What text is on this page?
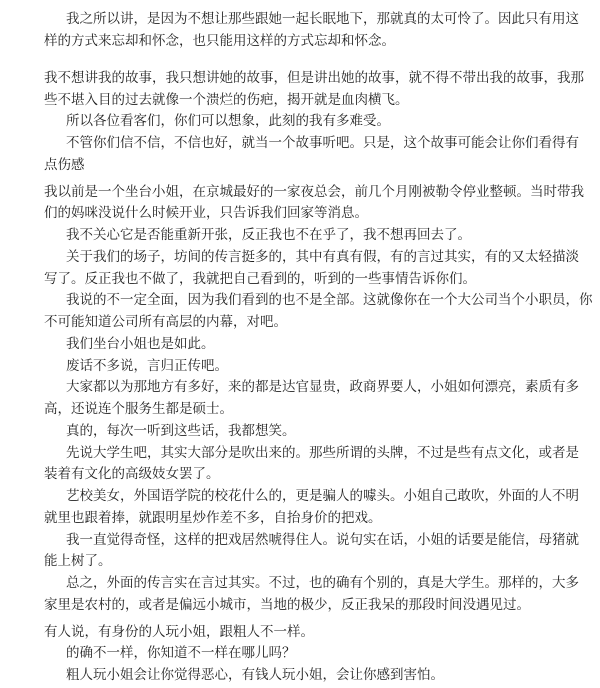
我之所以讲，是因为不想让那些跟她一起长眠地下，那就真的太可怜了。因此只有用这
样的方式来忘却和怀念，也只能用这样的方式忘却和怀念。
我不想讲我的故事，我只想讲她的故事，但是讲出她的故事，就不得不带出我的故事，我那
些不堪入目的过去就像一个溃烂的伤疤，揭开就是血肉横飞。
所以各位看客们，你们可以想象，此刻的我有多难受。
不管你们信不信，不信也好，就当一个故事听吧。只是，这个故事可能会让你们看得有
点伤感
我以前是一个坐台小姐，在京城最好的一家夜总会，前几个月刚被勒令停业整顿。当时带我
们的妈咪没说什么时候开业，只告诉我们回家等消息。
我不关心它是否能重新开张，反正我也不在乎了，我不想再回去了。
关于我们的场子，坊间的传言挺多的，其中有真有假，有的言过其实，有的又太轻描淡
写了。反正我也不做了，我就把自己看到的，听到的一些事情告诉你们。
我说的不一定全面，因为我们看到的也不是全部。这就像你在一个大公司当个小职员，你
不可能知道公司所有高层的内幕，对吧。
我们坐台小姐也是如此。
废话不多说，言归正传吧。
大家都以为那地方有多好，来的都是达官显贵，政商界要人，小姐如何漂亮，素质有多
高，还说连个服务生都是硕士。
真的，每次一听到这些话，我都想笑。
先说大学生吧，其实大部分是吹出来的。那些所谓的头牌，不过是些有点文化，或者是
装着有文化的高级妓女罢了。
艺校美女，外国语学院的校花什么的，更是骗人的噱头。小姐自己敢吹，外面的人不明
就里也跟着捧，就跟明星炒作差不多，自抬身价的把戏。
我一直觉得奇怪，这样的把戏居然唬得住人。说句实在话，小姐的话要是能信，母猪就
能上树了。
总之，外面的传言实在言过其实。不过，也的确有个别的，真是大学生。那样的，大多
家里是农村的，或者是偏远小城市，当地的极少，反正我呆的那段时间没遇见过。
有人说，有身份的人玩小姐，跟粗人不一样。
的确不一样，你知道不一样在哪儿吗？
粗人玩小姐会让你觉得恶心，有钱人玩小姐，会让你感到害怕。
